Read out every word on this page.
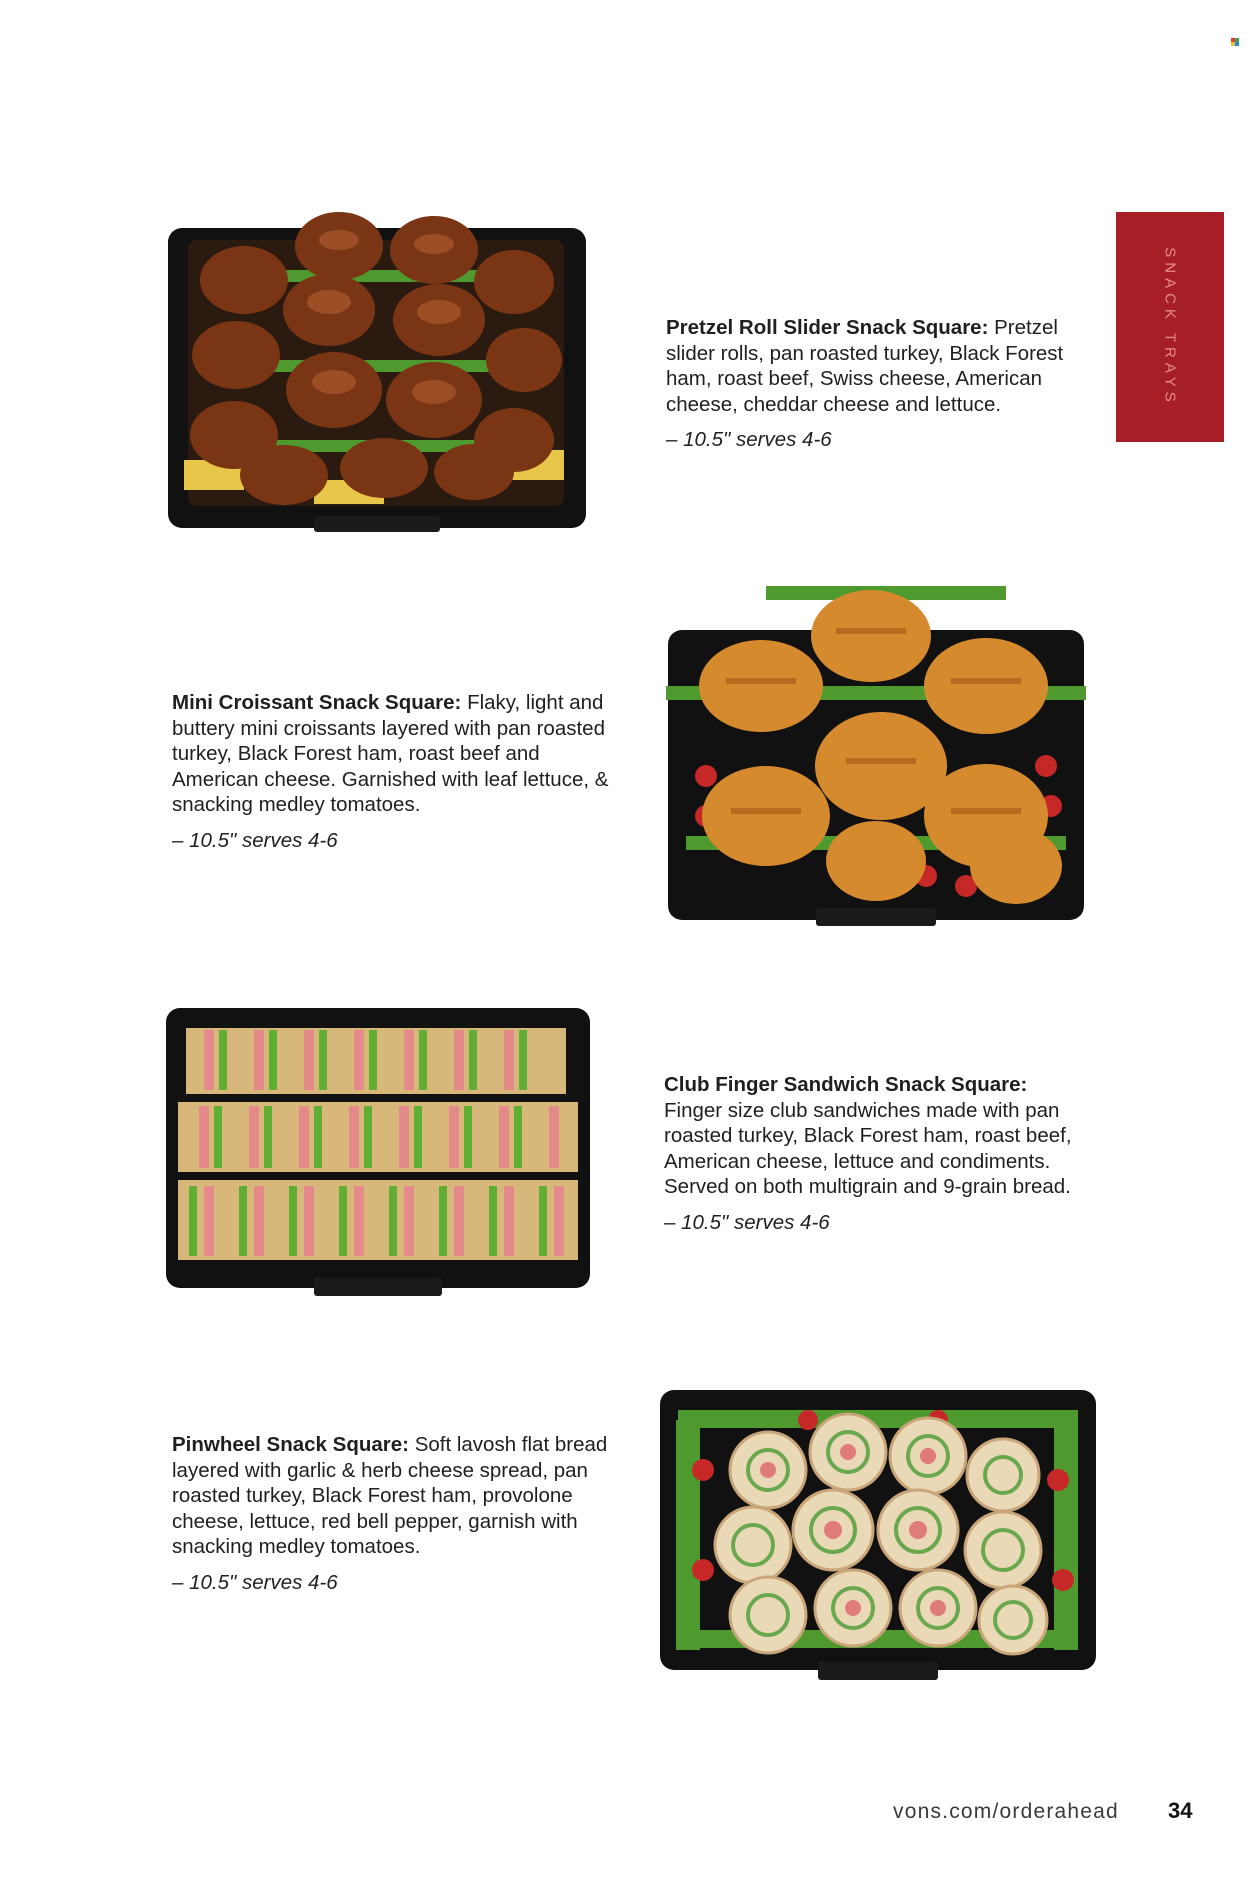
SNACK TRAYS

Pretzel Roll Slider Snack Square: Pretzel slider rolls, pan roasted turkey, Black Forest ham, roast beef, Swiss cheese, American cheese, cheddar cheese and lettuce.

– 10.5" serves 4-6

Mini Croissant Snack Square: Flaky, light and buttery mini croissants layered with pan roasted turkey, Black Forest ham, roast beef and American cheese. Garnished with leaf lettuce, & snacking medley tomatoes.

– 10.5" serves 4-6

Club Finger Sandwich Snack Square:
Finger size club sandwiches made with pan roasted turkey, Black Forest ham, roast beef, American cheese, lettuce and condiments. Served on both multigrain and 9-grain bread.

– 10.5" serves 4-6

Pinwheel Snack Square: Soft lavosh flat bread layered with garlic & herb cheese spread, pan roasted turkey, Black Forest ham, provolone cheese, lettuce, red bell pepper, garnish with snacking medley tomatoes.

– 10.5" serves 4-6

vons.com/orderahead 34
